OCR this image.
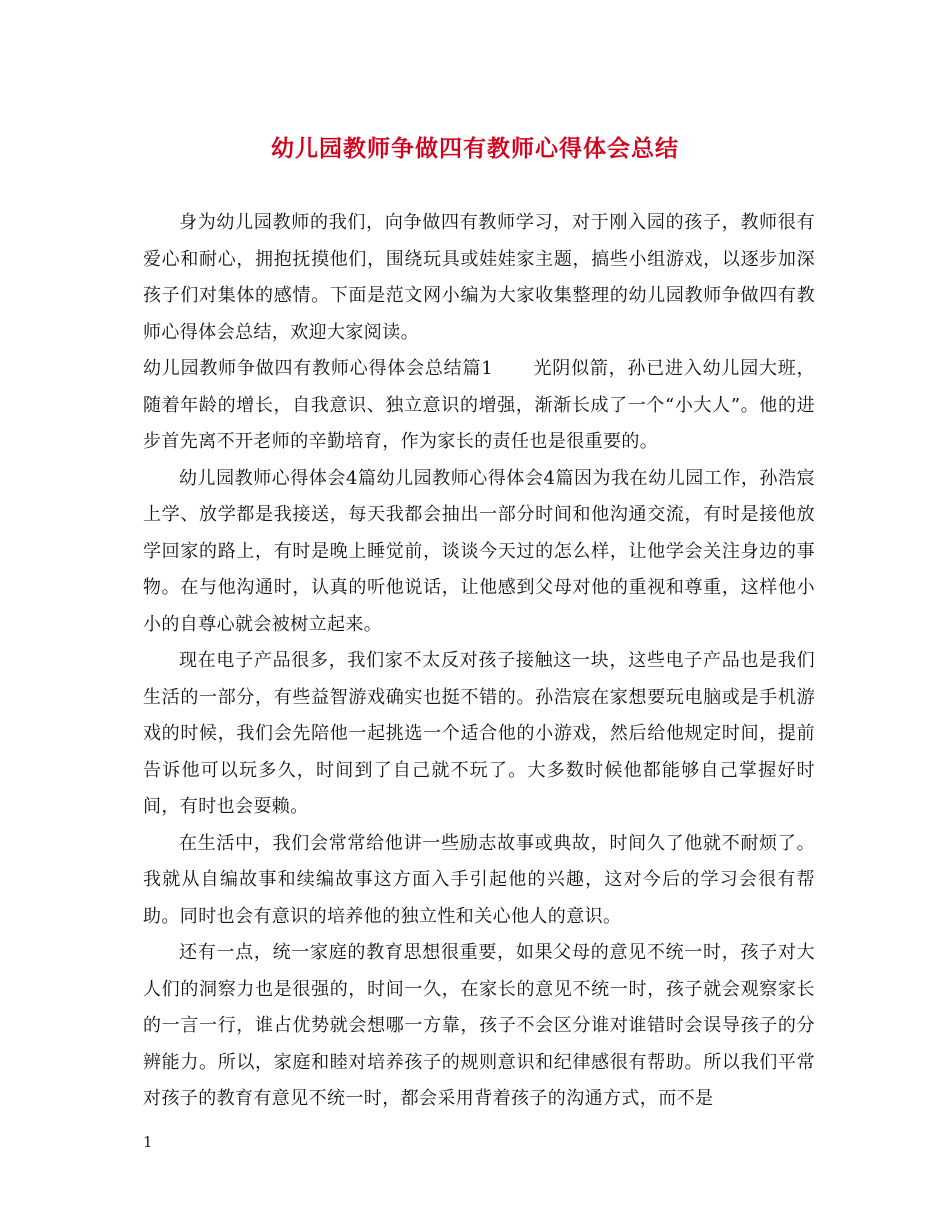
幼儿园教师争做四有教师心得体会总结

身为幼儿园教师的我们，向争做四有教师学习，对于刚入园的孩子，教师很有爱心和耐心，拥抱抚摸他们，围绕玩具或娃娃家主题，搞些小组游戏，以逐步加深孩子们对集体的感情。下面是范文网小编为大家收集整理的幼儿园教师争做四有教师心得体会总结，欢迎大家阅读。

幼儿园教师争做四有教师心得体会总结篇1 光阴似箭，孙已进入幼儿园大班，随着年龄的增长，自我意识、独立意识的增强，渐渐长成了一个“小大人”。他的进步首先离不开老师的辛勤培育，作为家长的责任也是很重要的。

幼儿园教师心得体会4篇幼儿园教师心得体会4篇因为我在幼儿园工作，孙浩宸上学、放学都是我接送，每天我都会抽出一部分时间和他沟通交流，有时是接他放学回家的路上，有时是晚上睡觉前，谈谈今天过的怎么样，让他学会关注身边的事物。在与他沟通时，认真的听他说话，让他感到父母对他的重视和尊重，这样他小小的自尊心就会被树立起来。

现在电子产品很多，我们家不太反对孩子接触这一块，这些电子产品也是我们生活的一部分，有些益智游戏确实也挺不错的。孙浩宸在家想要玩电脑或是手机游戏的时候，我们会先陪他一起挑选一个适合他的小游戏，然后给他规定时间，提前告诉他可以玩多久，时间到了自己就不玩了。大多数时候他都能够自己掌握好时间，有时也会耍赖。

在生活中，我们会常常给他讲一些励志故事或典故，时间久了他就不耐烦了。我就从自编故事和续编故事这方面入手引起他的兴趣，这对今后的学习会很有帮助。同时也会有意识的培养他的独立性和关心他人的意识。

还有一点，统一家庭的教育思想很重要，如果父母的意见不统一时，孩子对大人们的洞察力也是很强的，时间一久，在家长的意见不统一时，孩子就会观察家长的一言一行，谁占优势就会想哪一方靠，孩子不会区分谁对谁错时会误导孩子的分辨能力。所以，家庭和睦对培养孩子的规则意识和纪律感很有帮助。所以我们平常对孩子的教育有意见不统一时，都会采用背着孩子的沟通方式，而不是

1
